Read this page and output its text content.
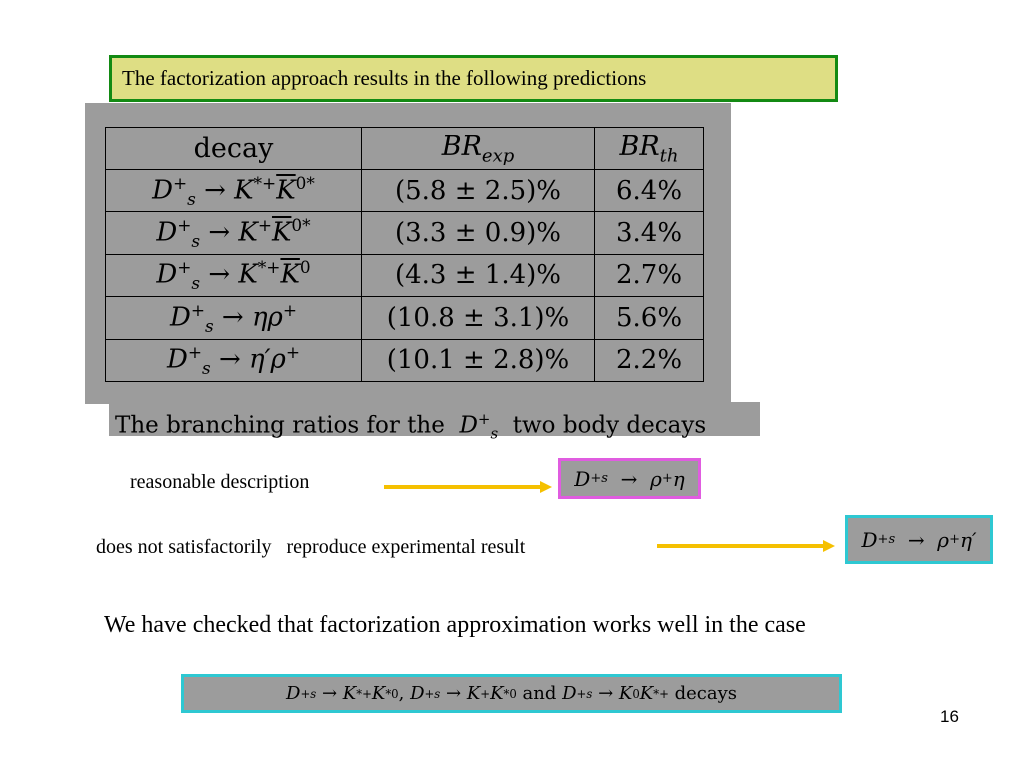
The factorization approach results in the following predictions
decay	$BR_{exp}$	$BR_{th}$
$D^+_s \to K^{*+}\overline{K}^{0*}$	(5.8 ± 2.5)%	6.4%
$D^+_s \to K^+\overline{K}^{0*}$	(3.3 ± 0.9)%	3.4%
$D^+_s \to K^{*+}\overline{K}^0$	(4.3 ± 1.4)%	2.7%
$D^+_s \to \eta\rho^+$	(10.8 ± 3.1)%	5.6%
$D^+_s \to \eta'\rho^+$	(10.1 ± 2.8)%	2.2%
The branching ratios for the  $D^+_s$  two body decays
reasonable description	D + s → ρ + η
does not satisfactorily   reproduce experimental result	D + s → ρ + η′
We have checked that factorization approximation works well in the case
D + s → K *+ K *0 , D + s → K + K *0 and D + s → K 0 K *+ decays
16
